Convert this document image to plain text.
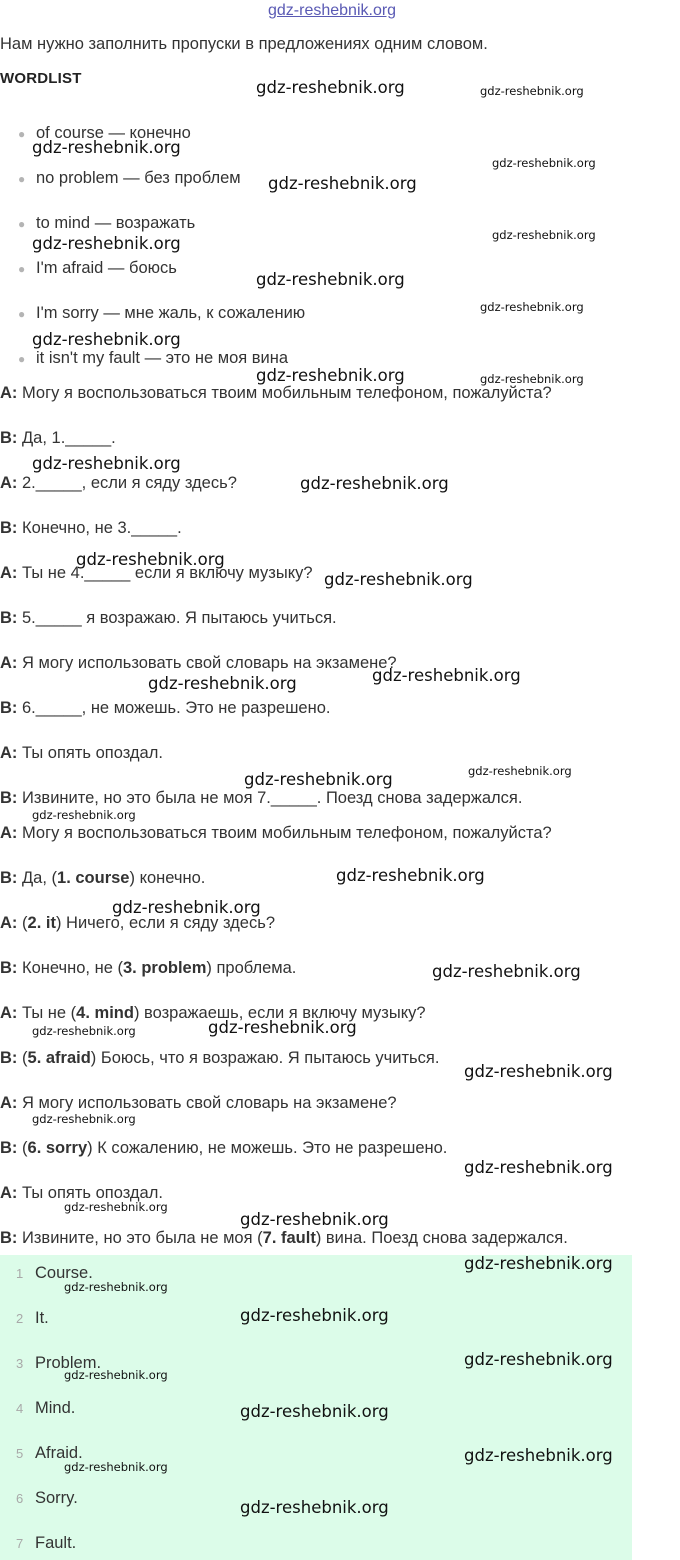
gdz-reshebnik.org
Нам нужно заполнить пропуски в предложениях одним словом.
WORDLIST
● of course — конечно
● no problem — без проблем
● to mind — возражать
● I'm afraid — боюсь
● I'm sorry — мне жаль, к сожалению
● it isn't my fault — это не моя вина
A: Могу я воспользоваться твоим мобильным телефоном, пожалуйста?
B: Да, 1._____.
A: 2._____, если я сяду здесь?
B: Конечно, не 3._____.
A: Ты не 4._____ если я включу музыку?
B: 5._____ я возражаю. Я пытаюсь учиться.
A: Я могу использовать свой словарь на экзамене?
B: 6._____, не можешь. Это не разрешено.
A: Ты опять опоздал.
B: Извините, но это была не моя 7._____. Поезд снова задержался.
A: Могу я воспользоваться твоим мобильным телефоном, пожалуйста?
B: Да, (1. course) конечно.
A: (2. it) Ничего, если я сяду здесь?
B: Конечно, не (3. problem) проблема.
A: Ты не (4. mind) возражаешь, если я включу музыку?
B: (5. afraid) Боюсь, что я возражаю. Я пытаюсь учиться.
A: Я могу использовать свой словарь на экзамене?
B: (6. sorry) К сожалению, не можешь. Это не разрешено.
A: Ты опять опоздал.
B: Извините, но это была не моя (7. fault) вина. Поезд снова задержался.
1 Course.
2 It.
3 Problem.
4 Mind.
5 Afraid.
6 Sorry.
7 Fault.
gdz-reshebnik.org	gdz-reshebnik.org
gdz-reshebnik.org
gdz-reshebnik.org
gdz-reshebnik.org
gdz-reshebnik.org	gdz-reshebnik.org
gdz-reshebnik.org
gdz-reshebnik.org
gdz-reshebnik.org
gdz-reshebnik.org	gdz-reshebnik.org
gdz-reshebnik.org
gdz-reshebnik.org
gdz-reshebnik.org
gdz-reshebnik.org
gdz-reshebnik.org	gdz-reshebnik.org
gdz-reshebnik.org	gdz-reshebnik.org
gdz-reshebnik.org
gdz-reshebnik.org
gdz-reshebnik.org
gdz-reshebnik.org
gdz-reshebnik.org	gdz-reshebnik.org
gdz-reshebnik.org
gdz-reshebnik.org
gdz-reshebnik.org
gdz-reshebnik.org
gdz-reshebnik.org
gdz-reshebnik.org
gdz-reshebnik.org
gdz-reshebnik.org
gdz-reshebnik.org
gdz-reshebnik.org
gdz-reshebnik.org
gdz-reshebnik.org
gdz-reshebnik.org
gdz-reshebnik.org
